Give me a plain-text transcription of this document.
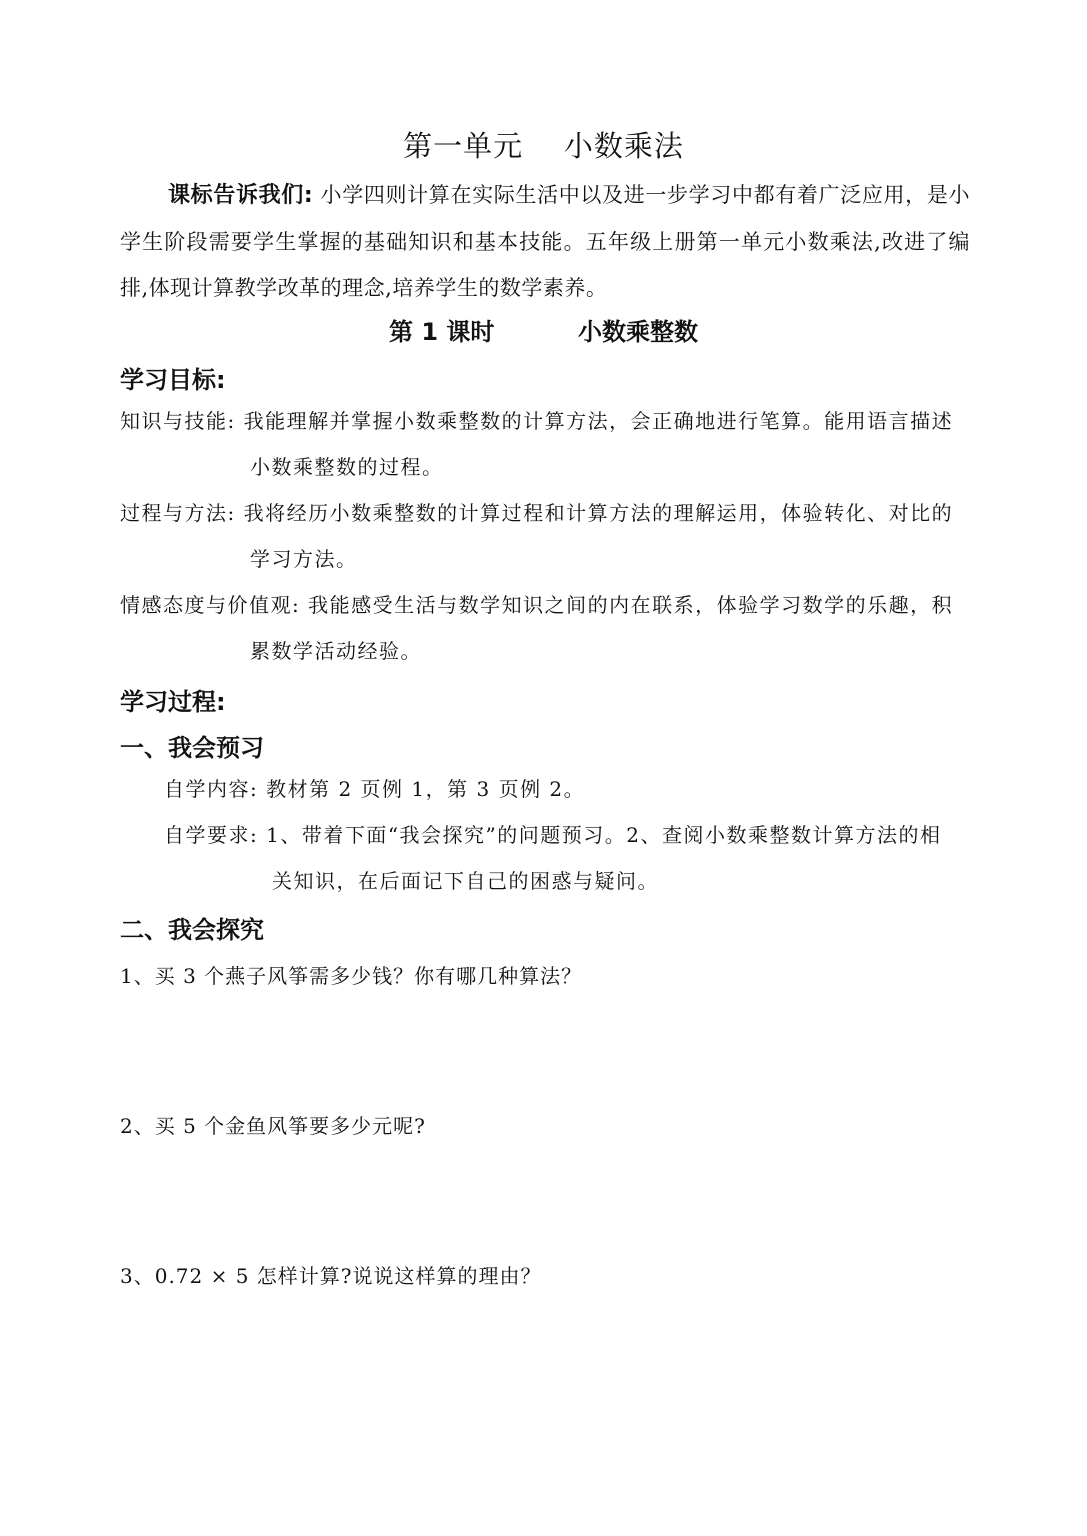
第一单元    小数乘法
课标告诉我们: 小学四则计算在实际生活中以及进一步学习中都有着广泛应用，是小学生阶段需要学生掌握的基础知识和基本技能。五年级上册第一单元小数乘法,改进了编排,体现计算教学改革的理念,培养学生的数学素养。
第 1 课时          小数乘整数
学习目标:
知识与技能: 我能理解并掌握小数乘整数的计算方法，会正确地进行笔算。能用语言描述
小数乘整数的过程。
过程与方法: 我将经历小数乘整数的计算过程和计算方法的理解运用，体验转化、对比的
学习方法。
情感态度与价值观: 我能感受生活与数学知识之间的内在联系，体验学习数学的乐趣，积
累数学活动经验。
学习过程:
一、我会预习
自学内容: 教材第 2 页例 1，第 3 页例 2。
自学要求: 1、带着下面“我会探究”的问题预习。2、查阅小数乘整数计算方法的相
关知识，在后面记下自己的困惑与疑问。
二、我会探究
1、买 3 个燕子风筝需多少钱？你有哪几种算法？
2、买 5 个金鱼风筝要多少元呢?
3、0.72 × 5 怎样计算?说说这样算的理由？
